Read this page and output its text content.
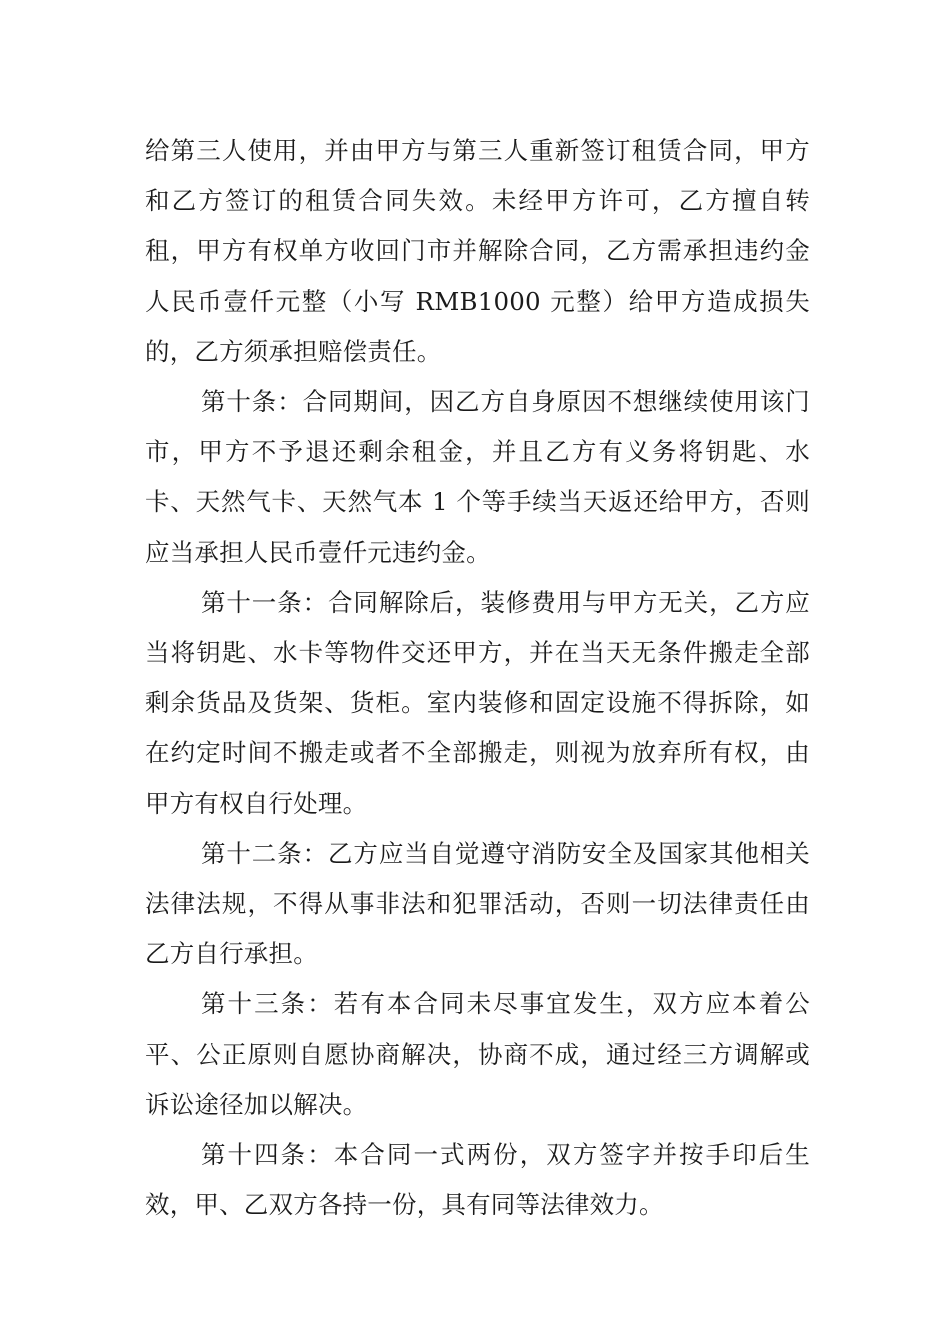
给第三人使用，并由甲方与第三人重新签订租赁合同，甲方和乙方签订的租赁合同失效。未经甲方许可，乙方擅自转租，甲方有权单方收回门市并解除合同，乙方需承担违约金人民币壹仟元整（小写 RMB1000 元整）给甲方造成损失的，乙方须承担赔偿责任。

第十条：合同期间，因乙方自身原因不想继续使用该门市，甲方不予退还剩余租金，并且乙方有义务将钥匙、水卡、天然气卡、天然气本 1 个等手续当天返还给甲方，否则应当承担人民币壹仟元违约金。

第十一条：合同解除后，装修费用与甲方无关，乙方应当将钥匙、水卡等物件交还甲方，并在当天无条件搬走全部剩余货品及货架、货柜。室内装修和固定设施不得拆除，如在约定时间不搬走或者不全部搬走，则视为放弃所有权，由甲方有权自行处理。

第十二条：乙方应当自觉遵守消防安全及国家其他相关法律法规，不得从事非法和犯罪活动，否则一切法律责任由乙方自行承担。

第十三条：若有本合同未尽事宜发生，双方应本着公平、公正原则自愿协商解决，协商不成，通过经三方调解或诉讼途径加以解决。

第十四条：本合同一式两份，双方签字并按手印后生效，甲、乙双方各持一份，具有同等法律效力。
